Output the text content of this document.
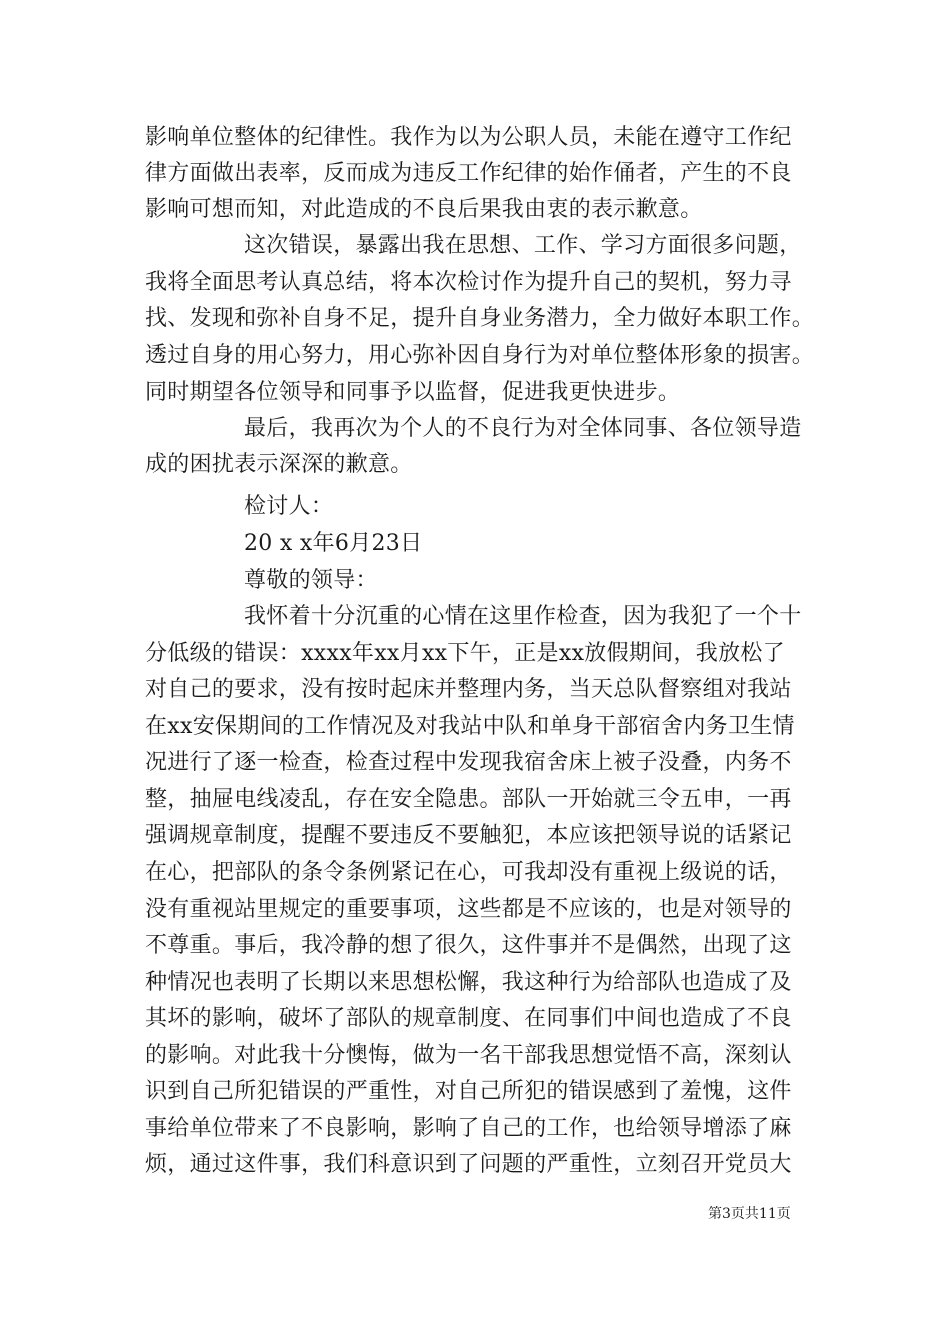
影响单位整体的纪律性。我作为以为公职人员，未能在遵守工作纪
律方面做出表率，反而成为违反工作纪律的始作俑者，产生的不良
影响可想而知，对此造成的不良后果我由衷的表示歉意。
这次错误，暴露出我在思想、工作、学习方面很多问题，
我将全面思考认真总结，将本次检讨作为提升自己的契机，努力寻
找、发现和弥补自身不足，提升自身业务潜力，全力做好本职工作。
透过自身的用心努力，用心弥补因自身行为对单位整体形象的损害。
同时期望各位领导和同事予以监督，促进我更快进步。
最后，我再次为个人的不良行为对全体同事、各位领导造
成的困扰表示深深的歉意。
检讨人：
20 x x年6月23日
尊敬的领导：
我怀着十分沉重的心情在这里作检查，因为我犯了一个十
分低级的错误：xxxx年xx月xx下午，正是xx放假期间，我放松了
对自己的要求，没有按时起床并整理内务，当天总队督察组对我站
在xx安保期间的工作情况及对我站中队和单身干部宿舍内务卫生情
况进行了逐一检查，检查过程中发现我宿舍床上被子没叠，内务不
整，抽屉电线凌乱，存在安全隐患。部队一开始就三令五申，一再
强调规章制度，提醒不要违反不要触犯，本应该把领导说的话紧记
在心，把部队的条令条例紧记在心，可我却没有重视上级说的话，
没有重视站里规定的重要事项，这些都是不应该的，也是对领导的
不尊重。事后，我冷静的想了很久，这件事并不是偶然，出现了这
种情况也表明了长期以来思想松懈，我这种行为给部队也造成了及
其坏的影响，破坏了部队的规章制度、在同事们中间也造成了不良
的影响。对此我十分懊悔，做为一名干部我思想觉悟不高，深刻认
识到自己所犯错误的严重性，对自己所犯的错误感到了羞愧，这件
事给单位带来了不良影响，影响了自己的工作，也给领导增添了麻
烦，通过这件事，我们科意识到了问题的严重性，立刻召开党员大
第3页共11页
